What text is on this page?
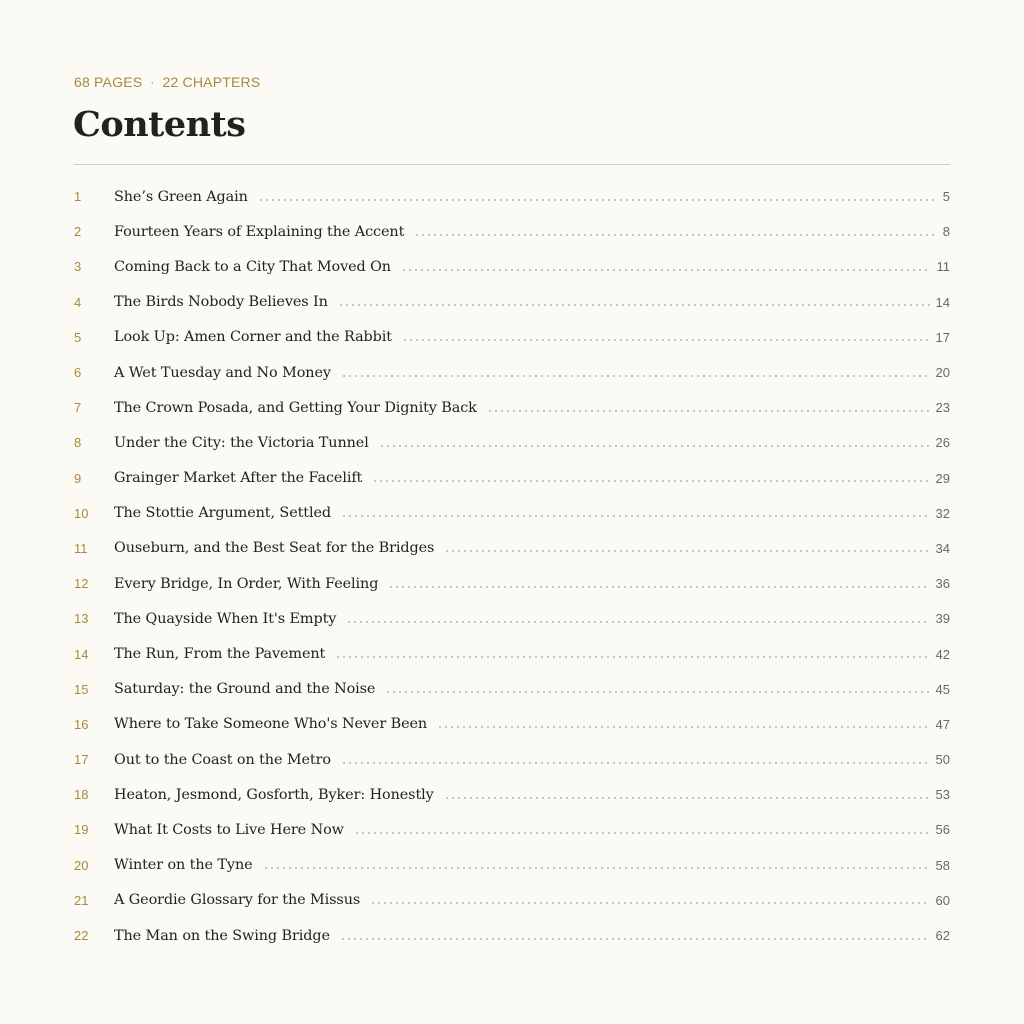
68 PAGES · 22 CHAPTERS
Contents
1	She’s Green Again	5
2	Fourteen Years of Explaining the Accent	8
3	Coming Back to a City That Moved On	11
4	The Birds Nobody Believes In	14
5	Look Up: Amen Corner and the Rabbit	17
6	A Wet Tuesday and No Money	20
7	The Crown Posada, and Getting Your Dignity Back	23
8	Under the City: the Victoria Tunnel	26
9	Grainger Market After the Facelift	29
10	The Stottie Argument, Settled	32
11	Ouseburn, and the Best Seat for the Bridges	34
12	Every Bridge, In Order, With Feeling	36
13	The Quayside When It's Empty	39
14	The Run, From the Pavement	42
15	Saturday: the Ground and the Noise	45
16	Where to Take Someone Who's Never Been	47
17	Out to the Coast on the Metro	50
18	Heaton, Jesmond, Gosforth, Byker: Honestly	53
19	What It Costs to Live Here Now	56
20	Winter on the Tyne	58
21	A Geordie Glossary for the Missus	60
22	The Man on the Swing Bridge	62
